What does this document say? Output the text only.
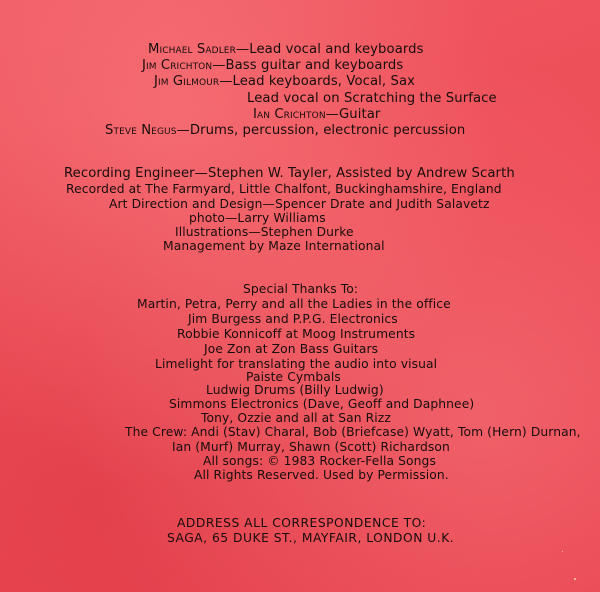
Michael Sadler—Lead vocal and keyboards
Jim Crichton—Bass guitar and keyboards
Jim Gilmour—Lead keyboards, Vocal, Sax
Lead vocal on Scratching the Surface
Ian Crichton—Guitar
Steve Negus—Drums, percussion, electronic percussion
Recording Engineer—Stephen W. Tayler, Assisted by Andrew Scarth
Recorded at The Farmyard, Little Chalfont, Buckinghamshire, England
Art Direction and Design—Spencer Drate and Judith Salavetz
photo—Larry Williams
Illustrations—Stephen Durke
Management by Maze International
Special Thanks To:
Martin, Petra, Perry and all the Ladies in the office
Jim Burgess and P.P.G. Electronics
Robbie Konnicoff at Moog Instruments
Joe Zon at Zon Bass Guitars
Limelight for translating the audio into visual
Paiste Cymbals
Ludwig Drums (Billy Ludwig)
Simmons Electronics (Dave, Geoff and Daphnee)
Tony, Ozzie and all at San Rizz
The Crew: Andi (Stav) Charal, Bob (Briefcase) Wyatt, Tom (Hern) Durnan,
Ian (Murf) Murray, Shawn (Scott) Richardson
All songs: © 1983 Rocker-Fella Songs
All Rights Reserved. Used by Permission.
ADDRESS ALL CORRESPONDENCE TO:
SAGA, 65 DUKE ST., MAYFAIR, LONDON U.K.
